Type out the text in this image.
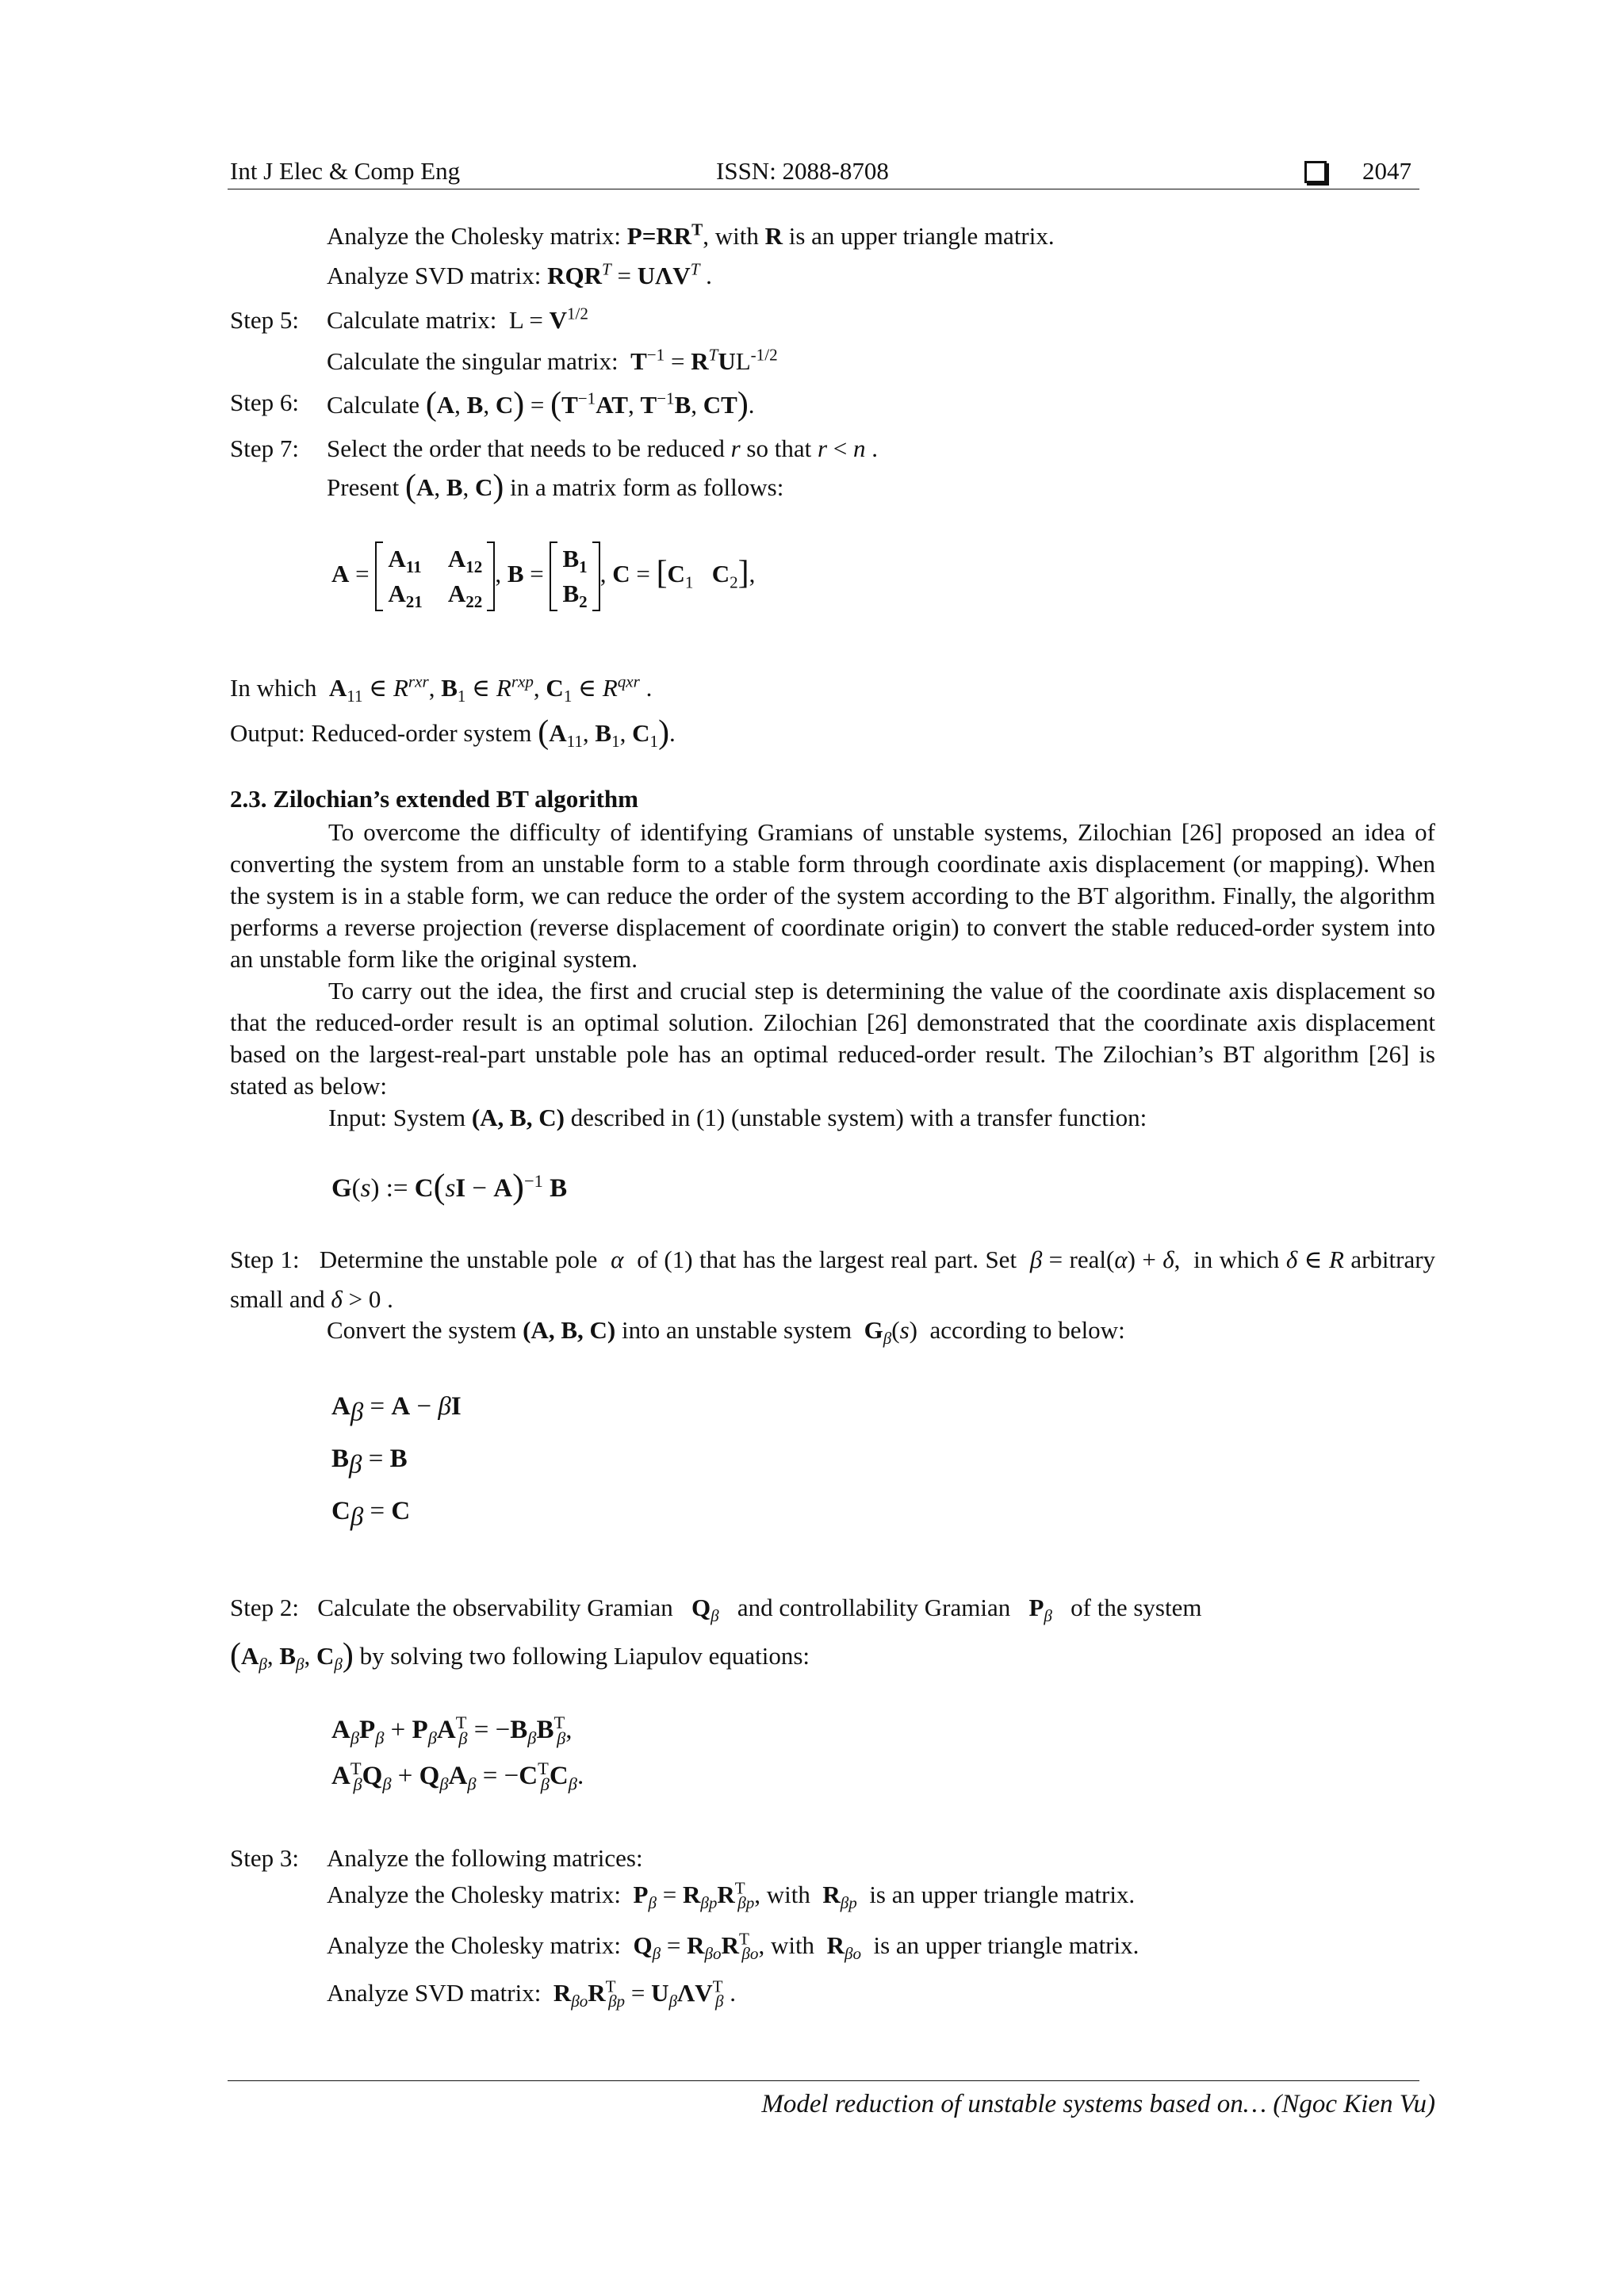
Int J Elec & Comp Eng	ISSN: 2088-8708	2047
Analyze the Cholesky matrix: $P=RR^T$, with R is an upper triangle matrix.
Analyze SVD matrix: $RQR^T = U\Lambda V^T$ .
Step 5: Calculate matrix:  $L = V^{1/2}$
Calculate the singular matrix: $T^{-1} = R^TUL^{-1/2}$
Step 6: Calculate (A, B, $C) = (T^{-1}AT$, $T^{-1}B$, CT).
Step 7: Select the order that needs to be reduced r so that r < n .
Present (A, B, C) in a matrix form as follows:
A =
$A_{11}$	$A_{12}$
$A_{21}$	$A_{22}$
, B =
$B_1$
$B_2$
, $C = [C_1$ $C_2$],
In which $A_{11}$ ∈ $R^{rxr}$, $B_1$ ∈ $R^{rxp}$, $C_1$ ∈ $R^{qxr}$ .
Output: Reduced-order system ($A_{11}$, $B_1$, $C_1$).
2.3. Zilochian’s extended BT algorithm

To overcome the difficulty of identifying Gramians of unstable systems, Zilochian [26] proposed an idea of converting the system from an unstable form to a stable form through coordinate axis displacement (or mapping). When the system is in a stable form, we can reduce the order of the system according to the BT algorithm. Finally, the algorithm performs a reverse projection (reverse displacement of coordinate origin) to convert the stable reduced-order system into an unstable form like the original system.

To carry out the idea, the first and crucial step is determining the value of the coordinate axis displacement so that the reduced-order result is an optimal solution. Zilochian [26] demonstrated that the coordinate axis displacement based on the largest-real-part unstable pole has an optimal reduced-order result. The Zilochian’s BT algorithm [26] is stated as below:

Input: System (A, B, C) described in (1) (unstable system) with a transfer function:

G(s) := C(sI − A)$^{-1}$ B

Step 1: Determine the unstable pole α of (1) that has the largest real part. Set β = real(α) + δ,  in which δ ∈ R arbitrary small and δ > 0 .

Convert the system (A, B, C) into an unstable system $G_\beta(s)$  according to below:
$A_\beta = A - \beta I$
$B_\beta = B$
$C_\beta = C$

Step 2: Calculate the observability Gramian $Q_\beta$ and controllability Gramian $P_\beta$ of the system
($A_\beta$, $B_\beta$, $C_\beta$) by solving two following Liapulov equations:

$A_\beta P_\beta + P_\beta A^T_\beta = -B_\beta B^T_\beta$,
$A^T_\beta Q_\beta + Q_\beta A_\beta = -C^T_\beta C_\beta$.
Step 3: Analyze the following matrices:
Analyze the Cholesky matrix: $P_\beta = R_{\beta p}R^T_{\beta p}$, with $R_{\beta p}$ is an upper triangle matrix.
Analyze the Cholesky matrix: $Q_\beta = R_{\beta o}R^T_{\beta o}$, with $R_{\beta o}$ is an upper triangle matrix.
Analyze SVD matrix: $R_{\beta o}R^T_{\beta p} = U_\beta\Lambda V^T_\beta$ .
Model reduction of unstable systems based on… (Ngoc Kien Vu)
